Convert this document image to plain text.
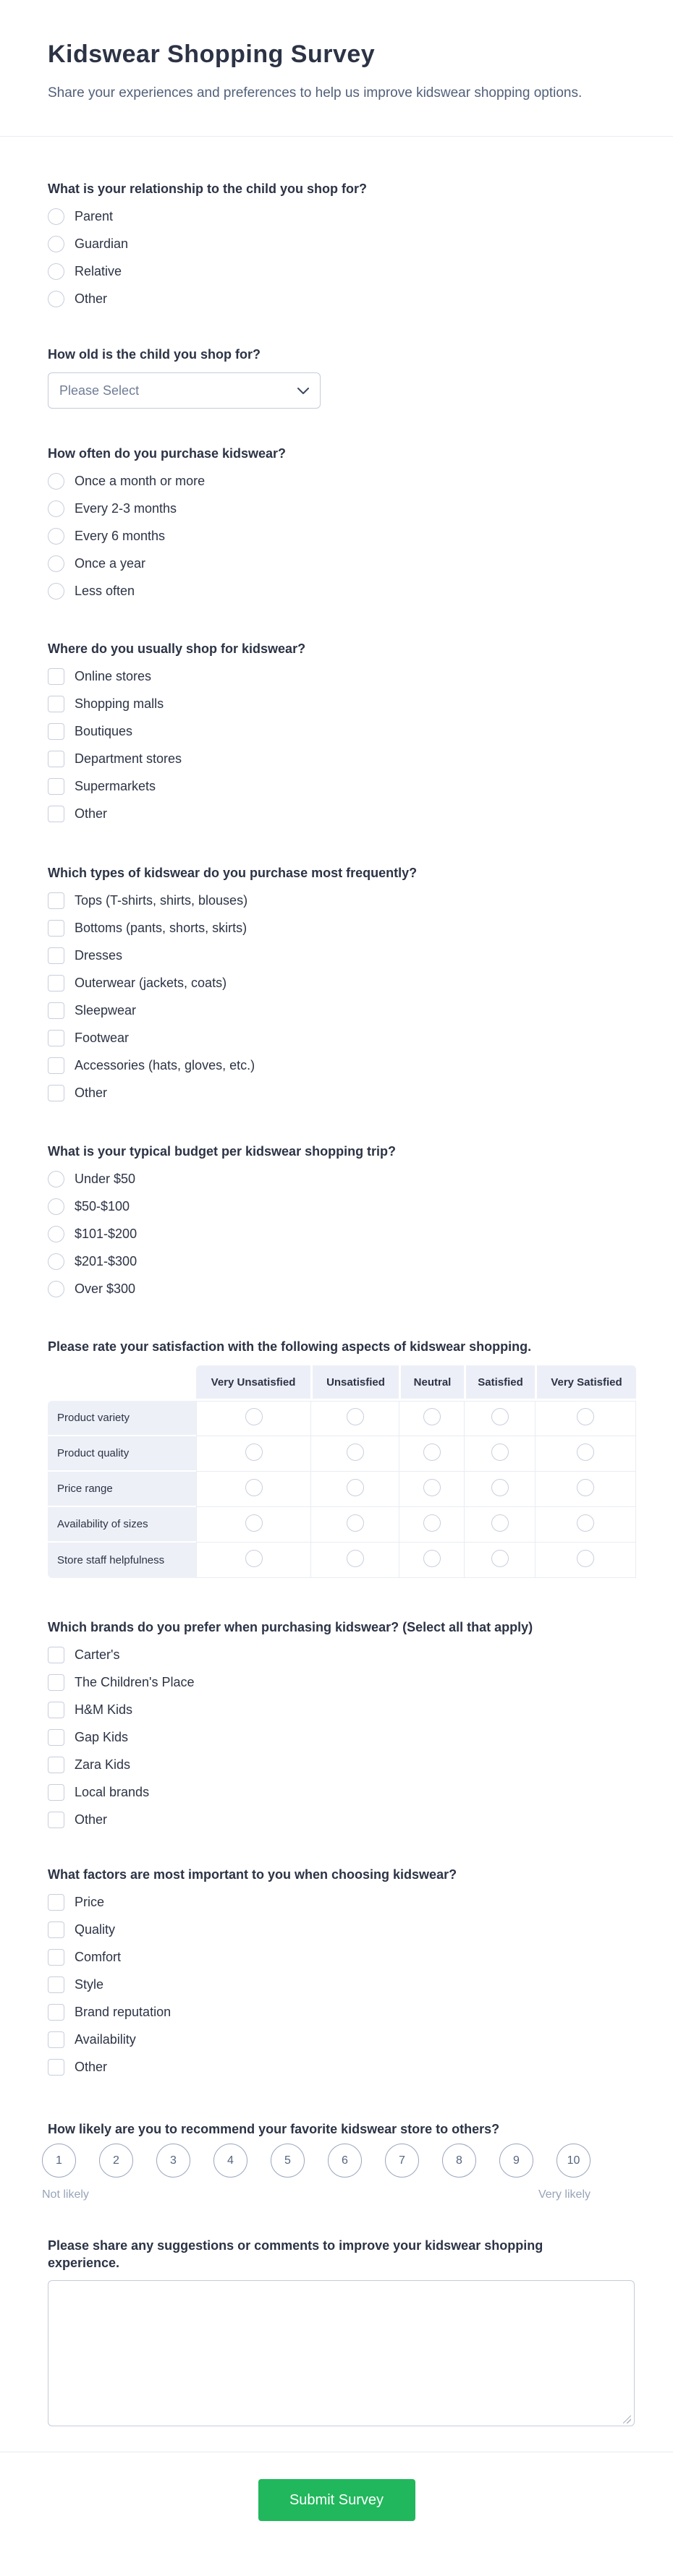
Kidswear Shopping Survey
Share your experiences and preferences to help us improve kidswear shopping options.
What is your relationship to the child you shop for?
Parent
Guardian
Relative
Other
How old is the child you shop for?
Please Select
How often do you purchase kidswear?
Once a month or more
Every 2-3 months
Every 6 months
Once a year
Less often
Where do you usually shop for kidswear?
Online stores
Shopping malls
Boutiques
Department stores
Supermarkets
Other
Which types of kidswear do you purchase most frequently?
Tops (T-shirts, shirts, blouses)
Bottoms (pants, shorts, skirts)
Dresses
Outerwear (jackets, coats)
Sleepwear
Footwear
Accessories (hats, gloves, etc.)
Other
What is your typical budget per kidswear shopping trip?
Under $50
$50-$100
$101-$200
$201-$300
Over $300
Please rate your satisfaction with the following aspects of kidswear shopping.
	Very Unsatisfied	Unsatisfied	Neutral	Satisfied	Very Satisfied
Product variety					
Product quality					
Price range					
Availability of sizes					
Store staff helpfulness					
Which brands do you prefer when purchasing kidswear? (Select all that apply)
Carter's
The Children's Place
H&M Kids
Gap Kids
Zara Kids
Local brands
Other
What factors are most important to you when choosing kidswear?
Price
Quality
Comfort
Style
Brand reputation
Availability
Other
How likely are you to recommend your favorite kidswear store to others?
1	2	3	4	5	6	7	8	9	10
Not likely	Very likely
Please share any suggestions or comments to improve your kidswear shopping experience.
Submit Survey
